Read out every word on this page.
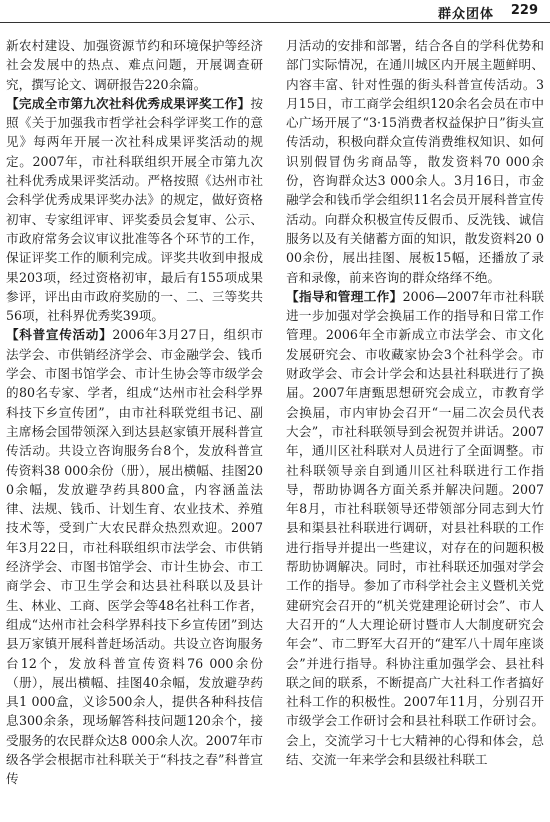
群众团体 229

新农村建设、加强资源节约和环境保护等经济社会发展中的热点、难点问题，开展调查研究，撰写论文、调研报告220余篇。

【完成全市第九次社科优秀成果评奖工作】按照《关于加强我市哲学社会科学评奖工作的意见》每两年开展一次社科成果评奖活动的规定。2007年，市社科联组织开展全市第九次社科优秀成果评奖活动。严格按照《达州市社会科学优秀成果评奖办法》的规定，做好资格初审、专家组评审、评奖委员会复审、公示、市政府常务会议审议批准等各个环节的工作，保证评奖工作的顺利完成。评奖共收到申报成果203项，经过资格初审，最后有155项成果参评，评出由市政府奖励的一、二、三等奖共56项，社科界优秀奖39项。

【科普宣传活动】2006年3月27日，组织市法学会、市供销经济学会、市金融学会、钱币学会、市图书馆学会、市计生协会等市级学会的80名专家、学者，组成“达州市社会科学界科技下乡宣传团”，由市社科联党组书记、副主席杨会国带领深入到达县赵家镇开展科普宣传活动。共设立咨询服务台8个，发放科普宣传资料38 000余份（册），展出横幅、挂图200余幅，发放避孕药具800盒，内容涵盖法律、法规、钱币、计划生育、农业技术、养殖技术等，受到广大农民群众热烈欢迎。2007年3月22日，市社科联组织市法学会、市供销经济学会、市图书馆学会、市计生协会、市工商学会、市卫生学会和达县社科联以及县计生、林业、工商、医学会等48名社科工作者，组成“达州市社会科学界科技下乡宣传团”到达县万家镇开展科普赶场活动。共设立咨询服务台12个，发放科普宣传资料76 000余份（册），展出横幅、挂图40余幅，发放避孕药具1 000盒，义诊500余人，提供各种科技信息300余条，现场解答科技问题120余个，接受服务的农民群众达8 000余人次。2007年市级各学会根据市社科联关于“科技之春”科普宣传

月活动的安排和部署，结合各自的学科优势和部门实际情况，在通川城区内开展主题鲜明、内容丰富、针对性强的街头科普宣传活动。3月15日，市工商学会组织120余名会员在市中心广场开展了“3·15消费者权益保护日”街头宣传活动，积极向群众宣传消费维权知识、如何识别假冒伪劣商品等，散发资料70 000余份，咨询群众达3 000余人。3月16日，市金融学会和钱币学会组织11名会员开展科普宣传活动。向群众积极宣传反假币、反洗钱、诚信服务以及有关储蓄方面的知识，散发资料20 000余份，展出挂图、展板15幅，还播放了录音和录像，前来咨询的群众络绎不绝。

【指导和管理工作】2006—2007年市社科联进一步加强对学会换届工作的指导和日常工作管理。2006年全市新成立市法学会、市文化发展研究会、市收藏家协会3个社科学会。市财政学会、市会计学会和达县社科联进行了换届。2007年唐甄思想研究会成立，市教育学会换届，市内审协会召开“一届二次会员代表大会”，市社科联领导到会祝贺并讲话。2007年，通川区社科联对人员进行了全面调整。市社科联领导亲自到通川区社科联进行工作指导，帮助协调各方面关系并解决问题。2007年8月，市社科联领导还带领部分同志到大竹县和渠县社科联进行调研，对县社科联的工作进行指导并提出一些建议，对存在的问题积极帮助协调解决。同时，市社科联还加强对学会工作的指导。参加了市科学社会主义暨机关党建研究会召开的“机关党建理论研讨会”、市人大召开的“人大理论研讨暨市人大制度研究会年会”、市二野军大召开的“建军八十周年座谈会”并进行指导。科协注重加强学会、县社科联之间的联系，不断提高广大社科工作者搞好社科工作的积极性。2007年11月，分别召开市级学会工作研讨会和县社科联工作研讨会。会上，交流学习十七大精神的心得和体会，总结、交流一年来学会和县级社科联工
